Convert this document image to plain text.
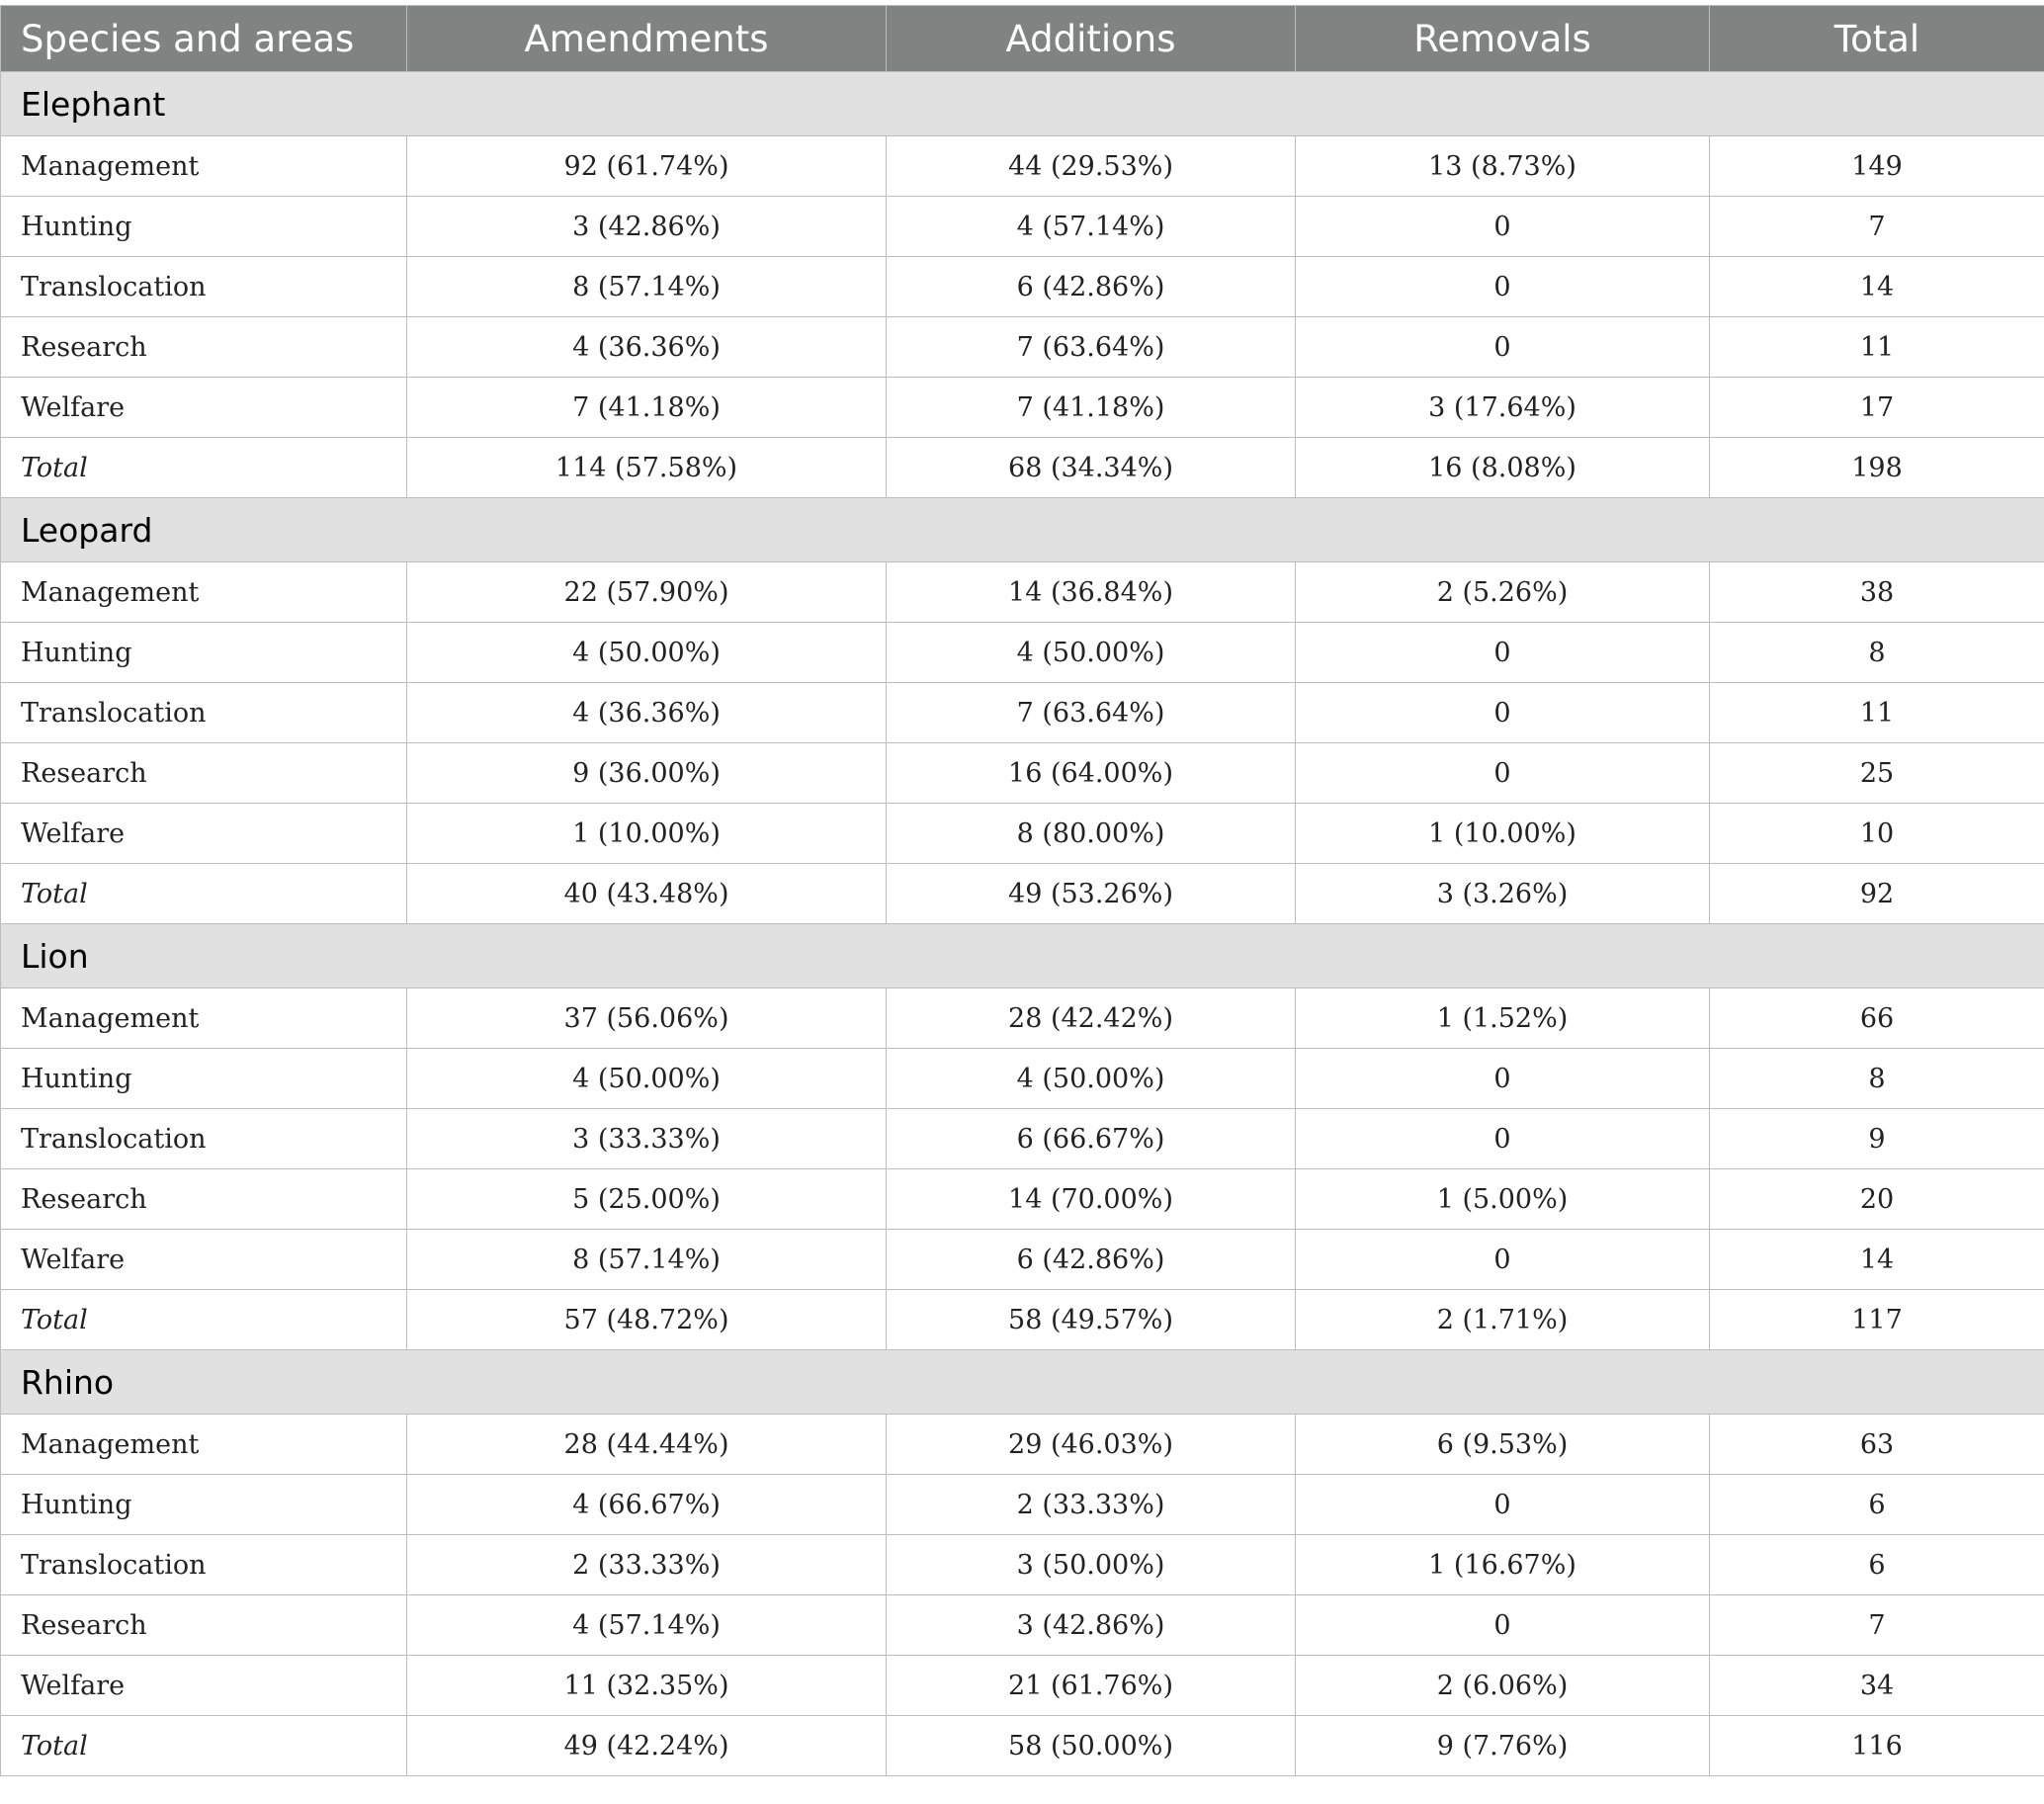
Species and areas	Amendments	Additions	Removals	Total
Elephant				
Management	92 (61.74%)	44 (29.53%)	13 (8.73%)	149
Hunting	3 (42.86%)	4 (57.14%)	0	7
Translocation	8 (57.14%)	6 (42.86%)	0	14
Research	4 (36.36%)	7 (63.64%)	0	11
Welfare	7 (41.18%)	7 (41.18%)	3 (17.64%)	17
Total	114 (57.58%)	68 (34.34%)	16 (8.08%)	198
Leopard				
Management	22 (57.90%)	14 (36.84%)	2 (5.26%)	38
Hunting	4 (50.00%)	4 (50.00%)	0	8
Translocation	4 (36.36%)	7 (63.64%)	0	11
Research	9 (36.00%)	16 (64.00%)	0	25
Welfare	1 (10.00%)	8 (80.00%)	1 (10.00%)	10
Total	40 (43.48%)	49 (53.26%)	3 (3.26%)	92
Lion				
Management	37 (56.06%)	28 (42.42%)	1 (1.52%)	66
Hunting	4 (50.00%)	4 (50.00%)	0	8
Translocation	3 (33.33%)	6 (66.67%)	0	9
Research	5 (25.00%)	14 (70.00%)	1 (5.00%)	20
Welfare	8 (57.14%)	6 (42.86%)	0	14
Total	57 (48.72%)	58 (49.57%)	2 (1.71%)	117
Rhino				
Management	28 (44.44%)	29 (46.03%)	6 (9.53%)	63
Hunting	4 (66.67%)	2 (33.33%)	0	6
Translocation	2 (33.33%)	3 (50.00%)	1 (16.67%)	6
Research	4 (57.14%)	3 (42.86%)	0	7
Welfare	11 (32.35%)	21 (61.76%)	2 (6.06%)	34
Total	49 (42.24%)	58 (50.00%)	9 (7.76%)	116
